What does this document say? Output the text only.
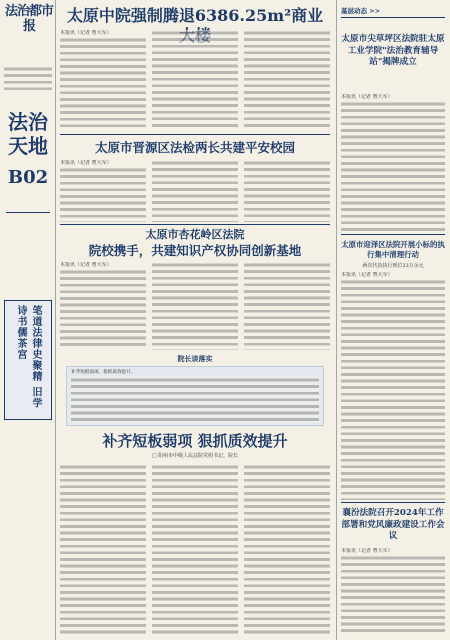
法治都市报
法治天地
B02
笔道法律史聚精 旧学诗书儒茶宫
太原中院强制腾退6386.25m²商业
本报讯（记者 曹大军）
太原市晋源区法检两长共建平安校园
本报讯（记者 曹大军）
太原市杏花岭区法院
院校携手，共建知识产权协同创新基地
本报讯（记者 曹大军）
院长谈落实
补齐短板弱项，狠抓质效提升。
补齐短板弱项 狠抓质效提升
□ 阳州市中级人民法院党组书记、院长
基层动态 >>
太原市尖草坪区法院驻太原工业学院"法治教育辅导站"揭牌成立
本报讯（记者 曹大军）
太原市迎泽区法院开展小标的执行集中清理行动
两次代执执行到位23万余元
本报讯（记者 曹大军）
襄汾法院召开2024年工作部署和党风廉政建设工作会议
本报讯（记者 曹大军）
